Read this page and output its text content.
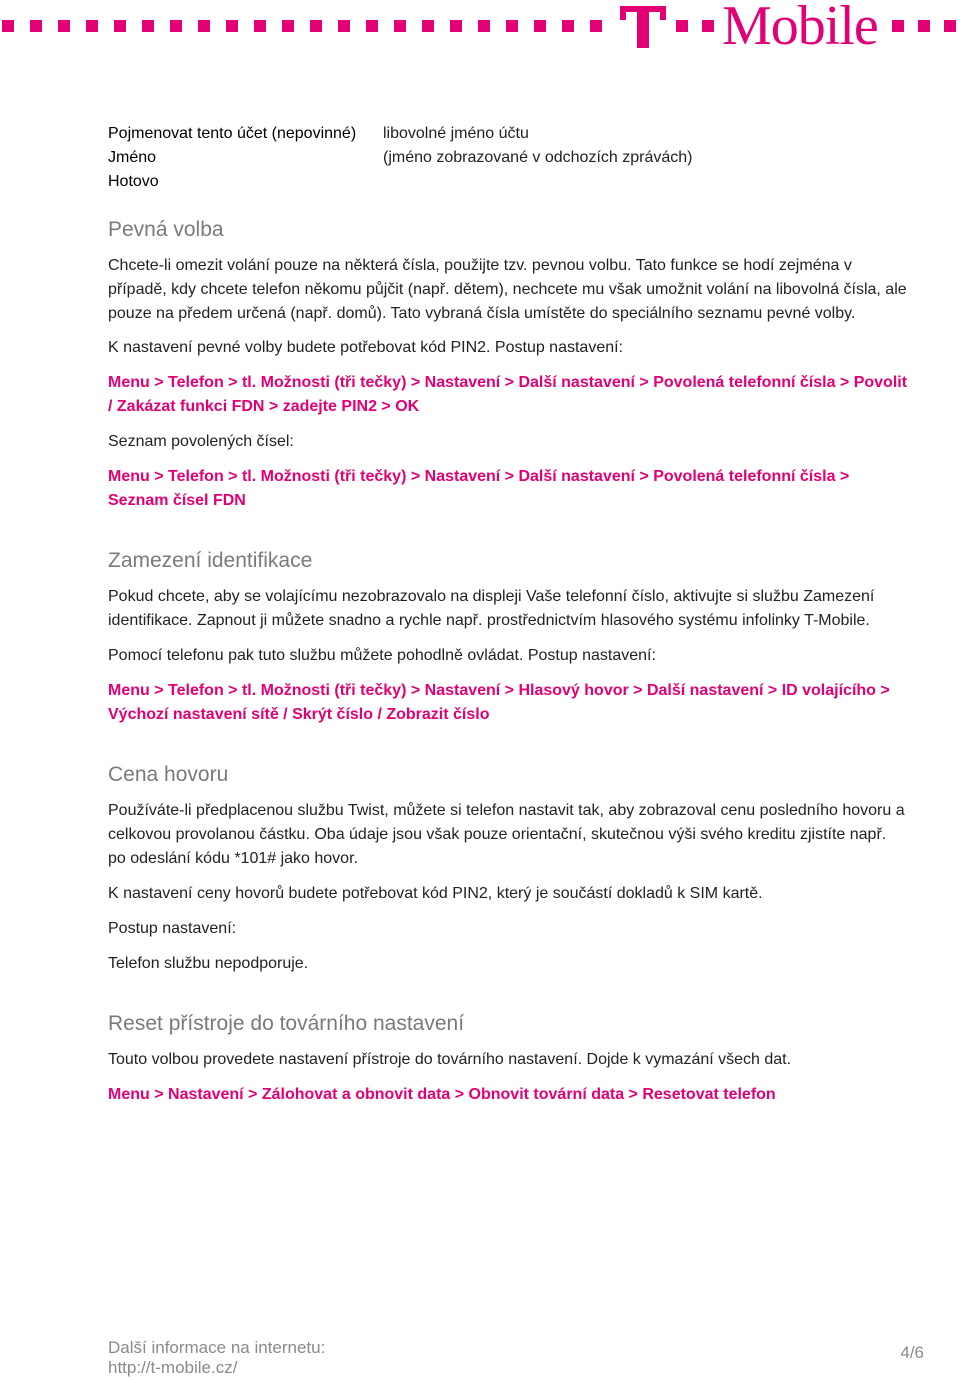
Mobile
Pojmenovat tento účet (nepovinné)	libovolné jméno účtu
Jméno	(jméno zobrazované v odchozích zprávách)
Hotovo
Pevná volba

Chcete-li omezit volání pouze na některá čísla, použijte tzv. pevnou volbu. Tato funkce se hodí zejména v případě, kdy chcete telefon někomu půjčit (např. dětem), nechcete mu však umožnit volání na libovolná čísla, ale pouze na předem určená (např. domů). Tato vybraná čísla umístěte do speciálního seznamu pevné volby.

K nastavení pevné volby budete potřebovat kód PIN2. Postup nastavení:

Menu > Telefon > tl. Možnosti (tři tečky) > Nastavení > Další nastavení > Povolená telefonní čísla > Povolit / Zakázat funkci FDN > zadejte PIN2 > OK

Seznam povolených čísel:

Menu > Telefon > tl. Možnosti (tři tečky) > Nastavení > Další nastavení > Povolená telefonní čísla > Seznam čísel FDN

Zamezení identifikace

Pokud chcete, aby se volajícímu nezobrazovalo na displeji Vaše telefonní číslo, aktivujte si službu Zamezení identifikace. Zapnout ji můžete snadno a rychle např. prostřednictvím hlasového systému infolinky T-Mobile.

Pomocí telefonu pak tuto službu můžete pohodlně ovládat. Postup nastavení:

Menu > Telefon > tl. Možnosti (tři tečky) > Nastavení > Hlasový hovor > Další nastavení > ID volajícího > Výchozí nastavení sítě / Skrýt číslo / Zobrazit číslo

Cena hovoru

Používáte-li předplacenou službu Twist, můžete si telefon nastavit tak, aby zobrazoval cenu posledního hovoru a celkovou provolanou částku. Oba údaje jsou však pouze orientační, skutečnou výši svého kreditu zjistíte např. po odeslání kódu *101# jako hovor.

K nastavení ceny hovorů budete potřebovat kód PIN2, který je součástí dokladů k SIM kartě.

Postup nastavení:

Telefon službu nepodporuje.

Reset přístroje do továrního nastavení

Touto volbou provedete nastavení přístroje do továrního nastavení. Dojde k vymazání všech dat.

Menu > Nastavení > Zálohovat a obnovit data > Obnovit tovární data > Resetovat telefon

Další informace na internetu:
http://t-mobile.cz/
4/6
